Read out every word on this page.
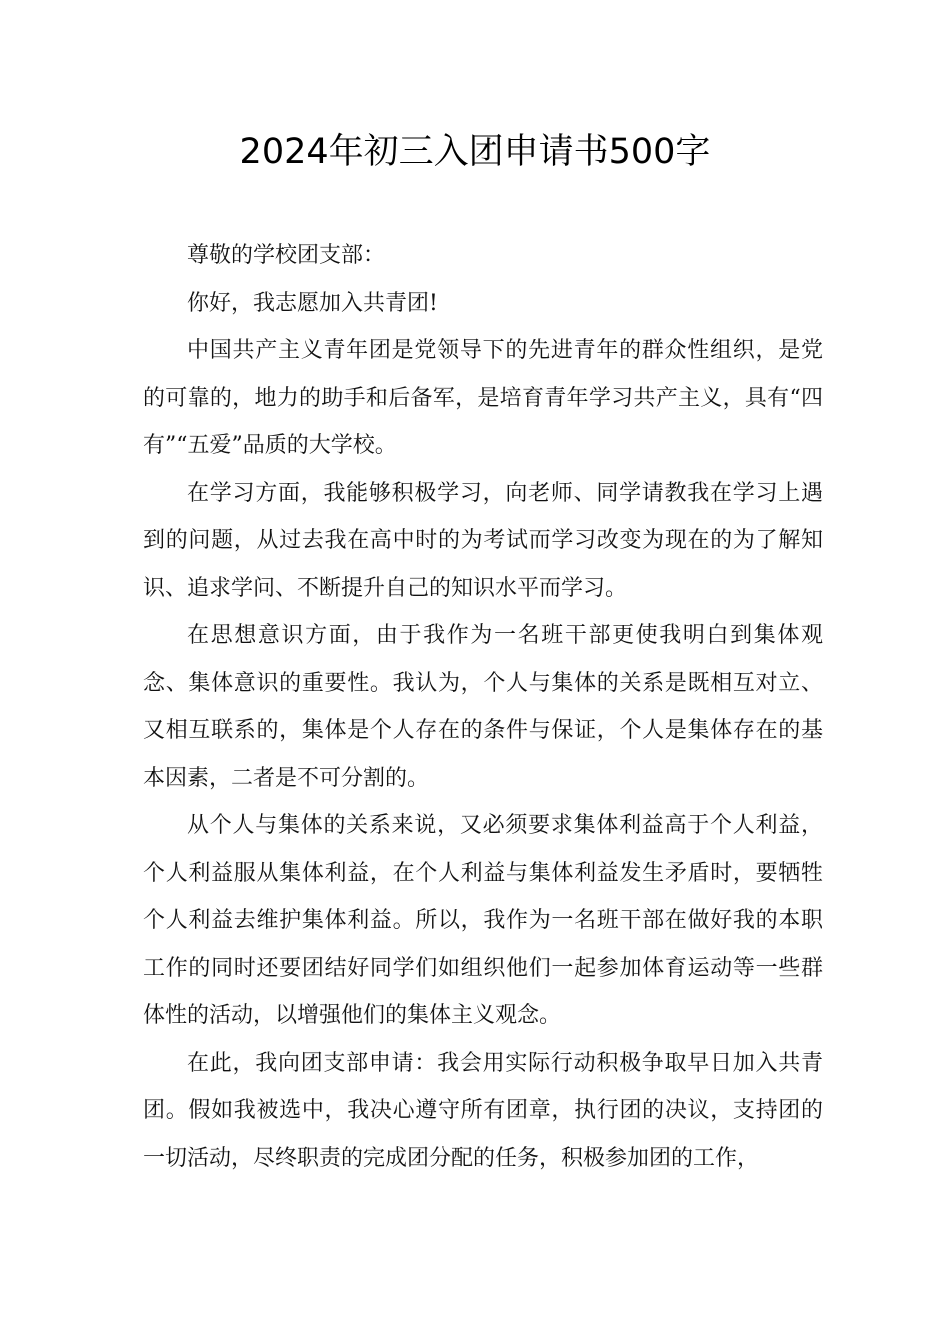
2024年初三入团申请书500字

尊敬的学校团支部：

你好，我志愿加入共青团!

中国共产主义青年团是党领导下的先进青年的群众性组织，是党的可靠的，地力的助手和后备军，是培育青年学习共产主义，具有“四有”“五爱”品质的大学校。

在学习方面，我能够积极学习，向老师、同学请教我在学习上遇到的问题，从过去我在高中时的为考试而学习改变为现在的为了解知识、追求学问、不断提升自己的知识水平而学习。

在思想意识方面，由于我作为一名班干部更使我明白到集体观念、集体意识的重要性。我认为，个人与集体的关系是既相互对立、又相互联系的，集体是个人存在的条件与保证，个人是集体存在的基本因素，二者是不可分割的。

从个人与集体的关系来说，又必须要求集体利益高于个人利益，个人利益服从集体利益，在个人利益与集体利益发生矛盾时，要牺牲个人利益去维护集体利益。所以，我作为一名班干部在做好我的本职工作的同时还要团结好同学们如组织他们一起参加体育运动等一些群体性的活动，以增强他们的集体主义观念。

在此，我向团支部申请：我会用实际行动积极争取早日加入共青团。假如我被选中，我决心遵守所有团章，执行团的决议，支持团的一切活动，尽终职责的完成团分配的任务，积极参加团的工作，
